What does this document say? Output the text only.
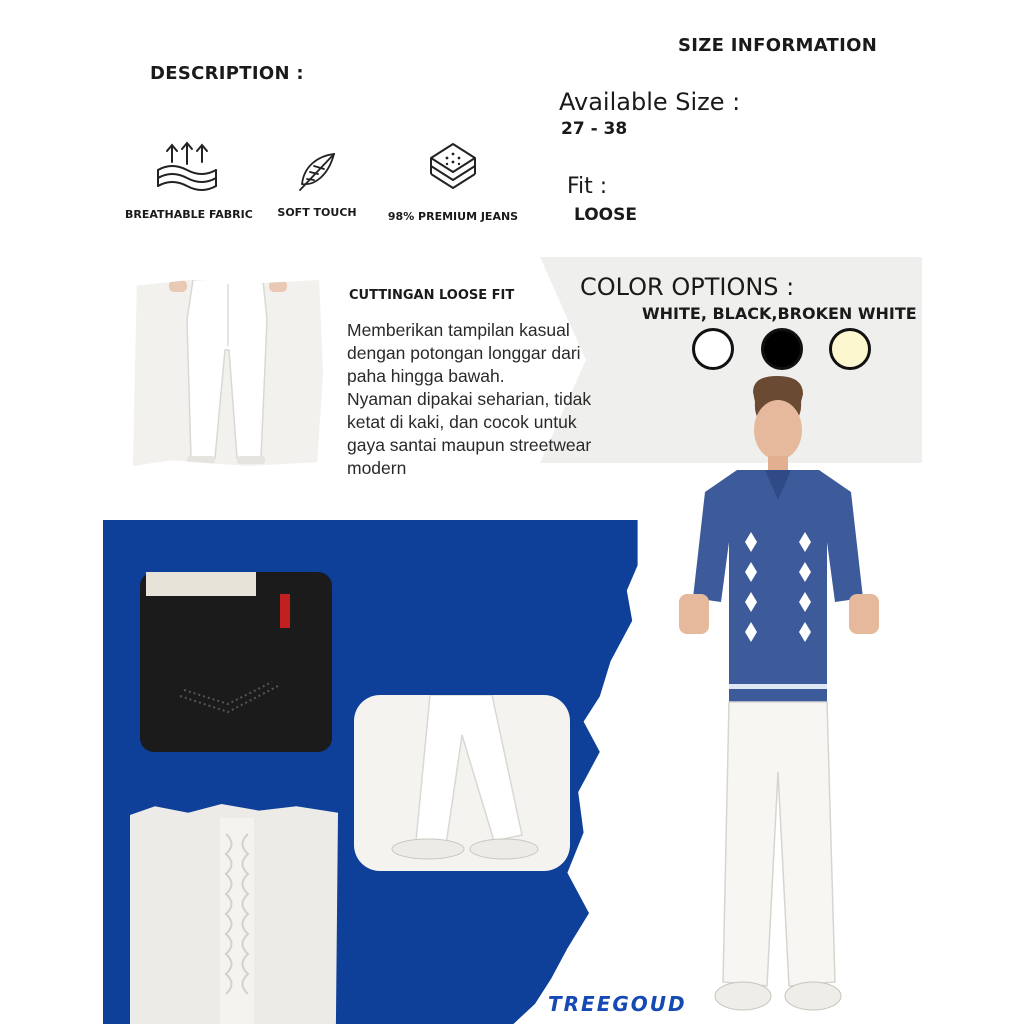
SIZE INFORMATION
DESCRIPTION :
Available Size :
27 - 38
Fit :
LOOSE
BREATHABLE FABRIC SOFT TOUCH	98% PREMIUM JEANS
COLOR OPTIONS :
WHITE, BLACK,BROKEN WHITE
CUTTINGAN LOOSE FIT
Memberikan tampilan kasual
dengan potongan longgar dari
paha hingga bawah.
Nyaman dipakai seharian, tidak
ketat di kaki, dan cocok untuk
gaya santai maupun streetwear
modern
TREEGOUD
